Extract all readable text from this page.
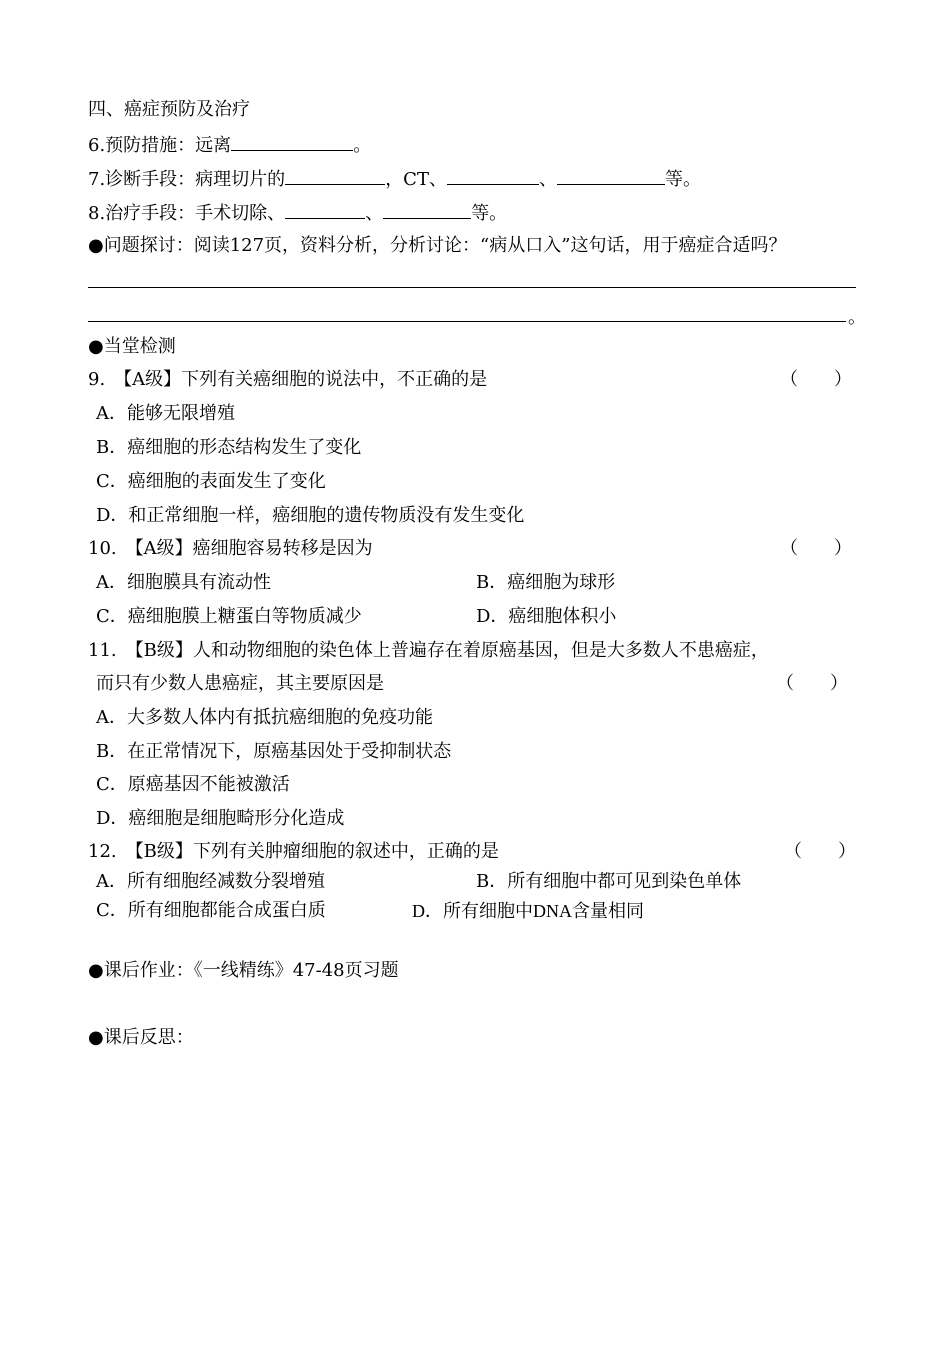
四、癌症预防及治疗
6.预防措施：远离	。
7.诊断手段：病理切片的	，CT、	、	等。
8.治疗手段：手术切除、	、	等。
●问题探讨：阅读127页，资料分析，分析讨论：“病从口入”这句话，用于癌症合适吗？
。
●当堂检测
9.　【A级】下列有关癌细胞的说法中，不正确的是	（　　）
A．能够无限增殖
B．癌细胞的形态结构发生了变化
C．癌细胞的表面发生了变化
D．和正常细胞一样，癌细胞的遗传物质没有发生变化
10.　【A级】癌细胞容易转移是因为	（　　）
A．细胞膜具有流动性	B．癌细胞为球形
C．癌细胞膜上糖蛋白等物质减少	D．癌细胞体积小
11.　【B级】人和动物细胞的染色体上普遍存在着原癌基因，但是大多数人不患癌症，
而只有少数人患癌症，其主要原因是	（　　）
A．大多数人体内有抵抗癌细胞的免疫功能
B．在正常情况下，原癌基因处于受抑制状态
C．原癌基因不能被激活
D．癌细胞是细胞畸形分化造成
12.　【B级】下列有关肿瘤细胞的叙述中，正确的是	（　　）
A．所有细胞经减数分裂增殖	B．所有细胞中都可见到染色单体
C．所有细胞都能合成蛋白质	D．所有细胞中DNA含量相同
●课后作业：《一线精练》47-48页习题
●课后反思：
